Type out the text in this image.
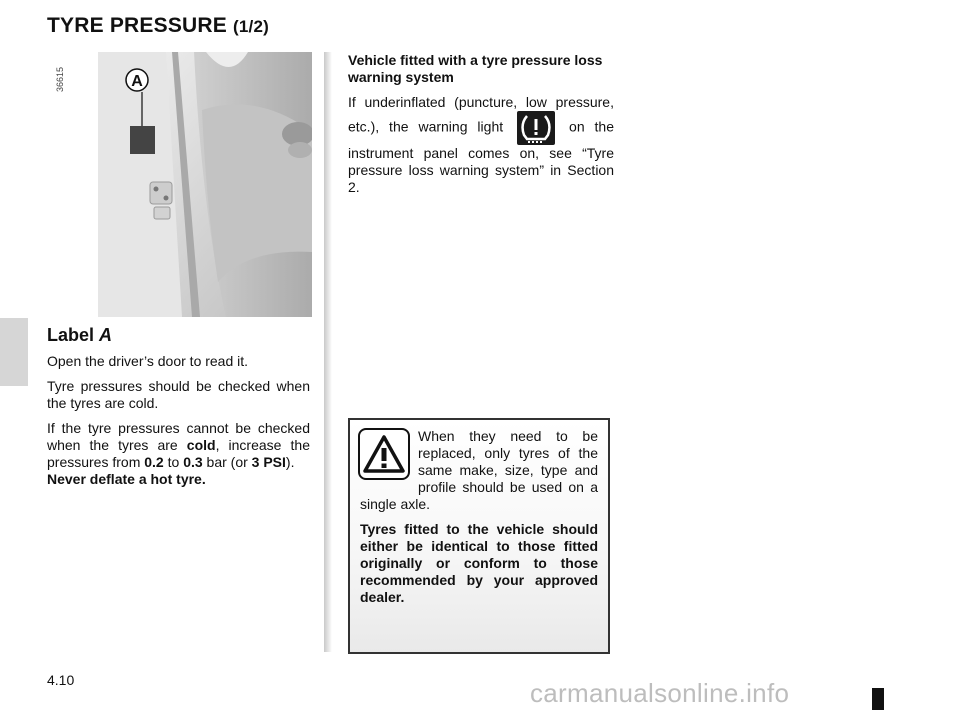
TYRE PRESSURE (1/2)
36615	A
Label A

Open the driver’s door to read it.

Tyre pressures should be checked when the tyres are cold.

If the tyre pressures cannot be checked when the tyres are cold, increase the pressures from 0.2 to 0.3 bar (or 3 PSI).
Never deflate a hot tyre.

Vehicle fitted with a tyre pressure loss warning system

If underinflated (puncture, low pressure, etc.), the warning light	on the instrument panel comes on, see “Tyre pressure loss warning system” in Section 2.

When they need to be replaced, only tyres of the same make, size, type and profile should be used on a single axle.

Tyres fitted to the vehicle should either be identical to those fitted originally or conform to those recommended by your approved dealer.

4.10	carmanualsonline.info
